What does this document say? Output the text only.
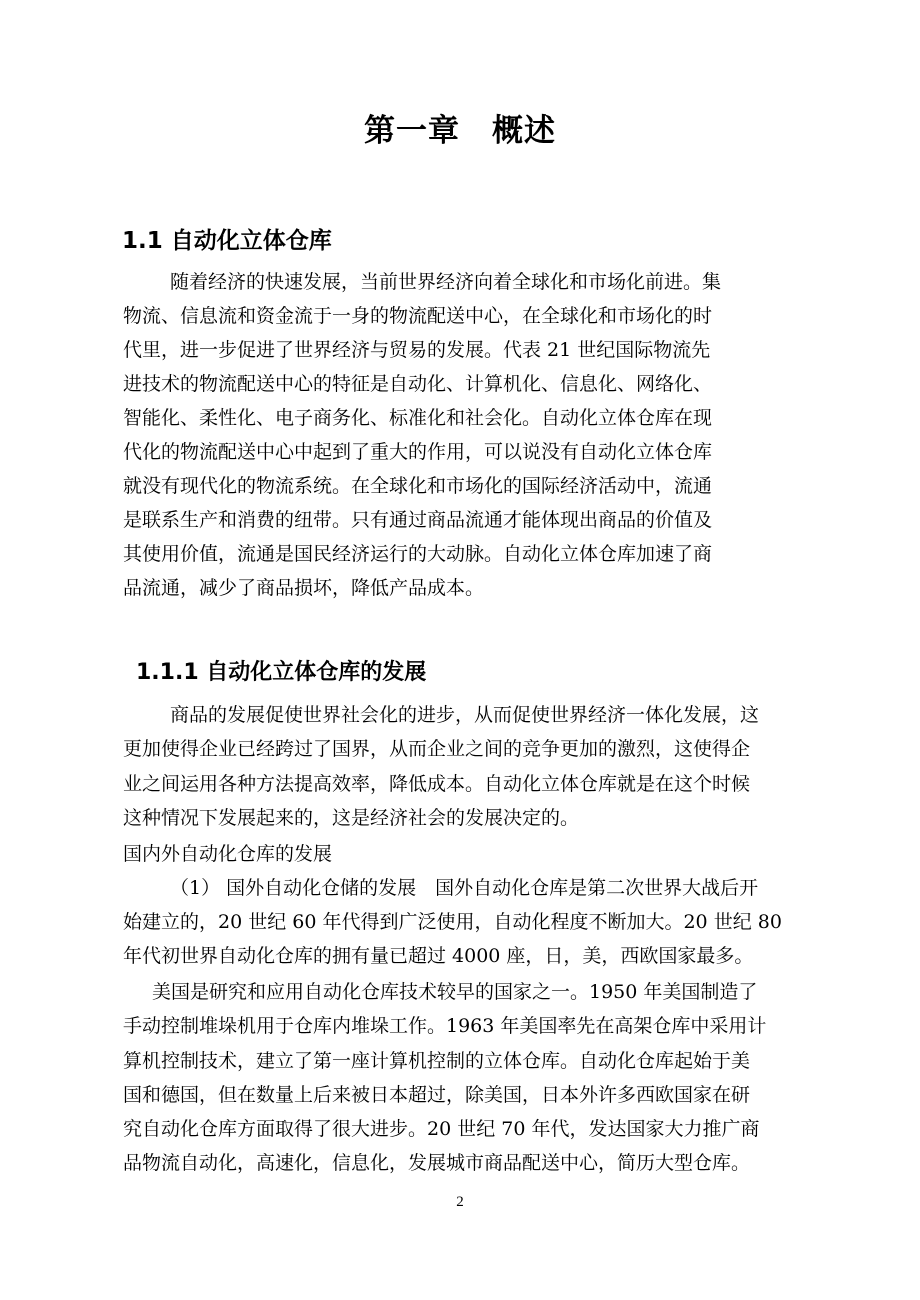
第一章　概述
1.1 自动化立体仓库

随着经济的快速发展，当前世界经济向着全球化和市场化前进。集

物流、信息流和资金流于一身的物流配送中心，在全球化和市场化的时

代里，进一步促进了世界经济与贸易的发展。代表 21 世纪国际物流先

进技术的物流配送中心的特征是自动化、计算机化、信息化、网络化、

智能化、柔性化、电子商务化、标准化和社会化。自动化立体仓库在现

代化的物流配送中心中起到了重大的作用，可以说没有自动化立体仓库

就没有现代化的物流系统。在全球化和市场化的国际经济活动中，流通

是联系生产和消费的纽带。只有通过商品流通才能体现出商品的价值及

其使用价值，流通是国民经济运行的大动脉。自动化立体仓库加速了商

品流通，减少了商品损坏，降低产品成本。

1.1.1 自动化立体仓库的发展

商品的发展促使世界社会化的进步，从而促使世界经济一体化发展，这

更加使得企业已经跨过了国界，从而企业之间的竞争更加的激烈，这使得企

业之间运用各种方法提高效率，降低成本。自动化立体仓库就是在这个时候

这种情况下发展起来的，这是经济社会的发展决定的。

国内外自动化仓库的发展

（1） 国外自动化仓储的发展　国外自动化仓库是第二次世界大战后开

始建立的，20 世纪 60 年代得到广泛使用，自动化程度不断加大。20 世纪 80

年代初世界自动化仓库的拥有量已超过 4000 座，日，美，西欧国家最多。

美国是研究和应用自动化仓库技术较早的国家之一。1950 年美国制造了

手动控制堆垛机用于仓库内堆垛工作。1963 年美国率先在高架仓库中采用计

算机控制技术，建立了第一座计算机控制的立体仓库。自动化仓库起始于美

国和德国，但在数量上后来被日本超过，除美国，日本外许多西欧国家在研

究自动化仓库方面取得了很大进步。20 世纪 70 年代，发达国家大力推广商

品物流自动化，高速化，信息化，发展城市商品配送中心，简历大型仓库。

2
